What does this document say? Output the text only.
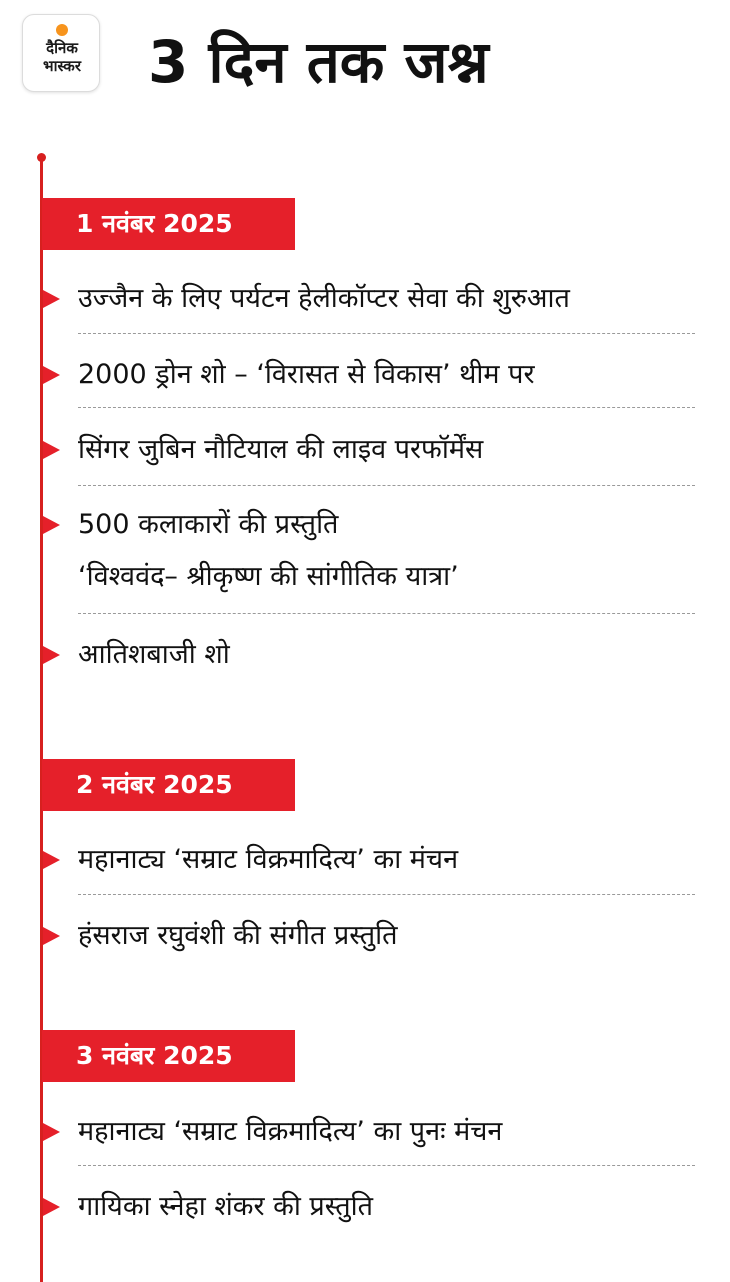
दैनिक
भास्कर	3 दिन तक जश्न
1 नवंबर 2025
उज्जैन के लिए पर्यटन हेलीकॉप्टर सेवा की शुरुआत
2000 ड्रोन शो – ‘विरासत से विकास’ थीम पर
सिंगर जुबिन नौटियाल की लाइव परफॉर्मेंस
500 कलाकारों की प्रस्तुति
‘विश्ववंद– श्रीकृष्ण की सांगीतिक यात्रा’
आतिशबाजी शो
2 नवंबर 2025
महानाट्य ‘सम्राट विक्रमादित्य’ का मंचन
हंसराज रघुवंशी की संगीत प्रस्तुति
3 नवंबर 2025
महानाट्य ‘सम्राट विक्रमादित्य’ का पुनः मंचन
गायिका स्नेहा शंकर की प्रस्तुति
